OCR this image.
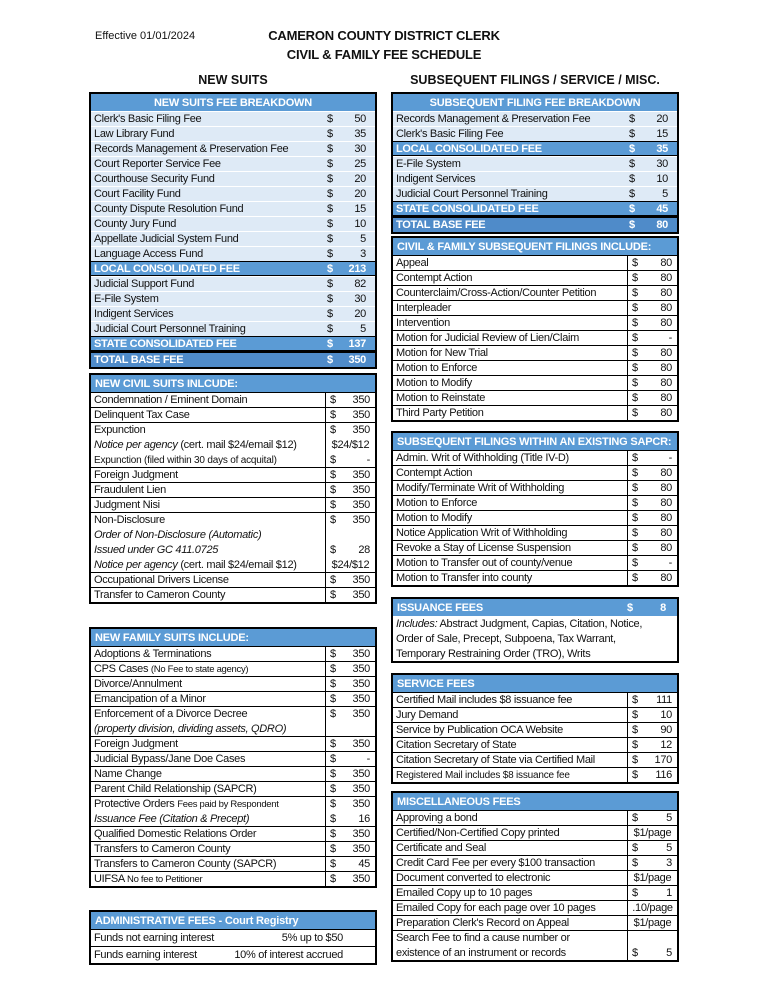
Effective 01/01/2024	CAMERON COUNTY DISTRICT CLERK
CIVIL & FAMILY FEE SCHEDULE
NEW SUITS	SUBSEQUENT FILINGS / SERVICE / MISC.
NEW SUITS FEE BREAKDOWN
Clerk's Basic Filing Fee	$ 50
Law Library Fund	$ 35
Records Management & Preservation Fee	$ 30
Court Reporter Service Fee	$ 25
Courthouse Security Fund	$ 20
Court Facility Fund	$ 20
County Dispute Resolution Fund	$ 15
County Jury Fund	$ 10
Appellate Judicial System Fund	$ 5
Language Access Fund	$ 3
LOCAL CONSOLIDATED FEE	$ 213
Judicial Support Fund	$ 82
E-File System	$ 30
Indigent Services	$ 20
Judicial Court Personnel Training	$ 5
STATE CONSOLIDATED FEE	$ 137
TOTAL BASE FEE	$ 350
NEW CIVIL SUITS INLCUDE:
Condemnation / Eminent Domain	$ 350
Delinquent Tax Case	$ 350
Expunction	$ 350
Notice per agency (cert. mail $24/email $12)	$24/$12
Expunction (filed within 30 days of acquital)	$	-
Foreign Judgment	$ 350
Fraudulent Lien	$ 350
Judgment Nisi	$ 350
Non-Disclosure	$ 350
Order of Non-Disclosure (Automatic)
Issued under GC 411.0725	$ 28
Notice per agency (cert. mail $24/email $12)	$24/$12
Occupational Drivers License	$ 350
Transfer to Cameron County	$ 350
NEW FAMILY SUITS INCLUDE:
Adoptions & Terminations	$ 350
CPS Cases (No Fee to state agency)	$ 350
Divorce/Annulment	$ 350
Emancipation of a Minor	$ 350
Enforcement of a Divorce Decree	$ 350
(property division, dividing assets, QDRO)
Foreign Judgment	$ 350
Judicial Bypass/Jane Doe Cases	$	-
Name Change	$ 350
Parent Child Relationship (SAPCR)	$ 350
Protective Orders Fees paid by Respondent	$ 350
Issuance Fee (Citation & Precept)	$ 16
Qualified Domestic Relations Order	$ 350
Transfers to Cameron County	$ 350
Transfers to Cameron County (SAPCR)	$ 45
UIFSA No fee to Petitioner	$ 350
ADMINISTRATIVE FEES - Court Registry
Funds not earning interest	5% up to $50
Funds earning interest	10% of interest accrued
SUBSEQUENT FILING FEE BREAKDOWN
Records Management & Preservation Fee	$ 20
Clerk's Basic Filing Fee	$ 15
LOCAL CONSOLIDATED FEE	$ 35
E-File System	$ 30
Indigent Services	$ 10
Judicial Court Personnel Training	$ 5
STATE CONSOLIDATED FEE	$ 45
TOTAL BASE FEE	$ 80
CIVIL & FAMILY SUBSEQUENT FILINGS INCLUDE:
Appeal	$ 80
Contempt Action	$ 80
Counterclaim/Cross-Action/Counter Petition	$ 80
Interpleader	$ 80
Intervention	$ 80
Motion for Judicial Review of Lien/Claim	$	-
Motion for New Trial	$ 80
Motion to Enforce	$ 80
Motion to Modify	$ 80
Motion to Reinstate	$ 80
Third Party Petition	$ 80
SUBSEQUENT FILINGS WITHIN AN EXISTING SAPCR:
Admin. Writ of Withholding (Title IV-D)	$	-
Contempt Action	$ 80
Modify/Terminate Writ of Withholding	$ 80
Motion to Enforce	$ 80
Motion to Modify	$ 80
Notice Application Writ of Withholding	$ 80
Revoke a Stay of License Suspension	$ 80
Motion to Transfer out of county/venue	$	-
Motion to Transfer into county	$ 80
ISSUANCE FEES	$ 8
Includes: Abstract Judgment, Capias, Citation, Notice,
Order of Sale, Precept, Subpoena, Tax Warrant,
Temporary Restraining Order (TRO), Writs
SERVICE FEES
Certified Mail includes $8 issuance fee	$ 111
Jury Demand	$ 10
Service by Publication OCA Website	$ 90
Citation Secretary of State	$ 12
Citation Secretary of State via Certified Mail	$ 170
Registered Mail includes $8 issuance fee	$ 116
MISCELLANEOUS FEES
Approving a bond	$	5
Certified/Non-Certified Copy printed	$1/page
Certificate and Seal	$	5
Credit Card Fee per every $100 transaction	$	3
Document converted to electronic	$1/page
Emailed Copy up to 10 pages	$	1
Emailed Copy for each page over 10 pages	.10/page
Preparation Clerk's Record on Appeal	$1/page
Search Fee to find a cause number or
existence of an instrument or records	$	5
